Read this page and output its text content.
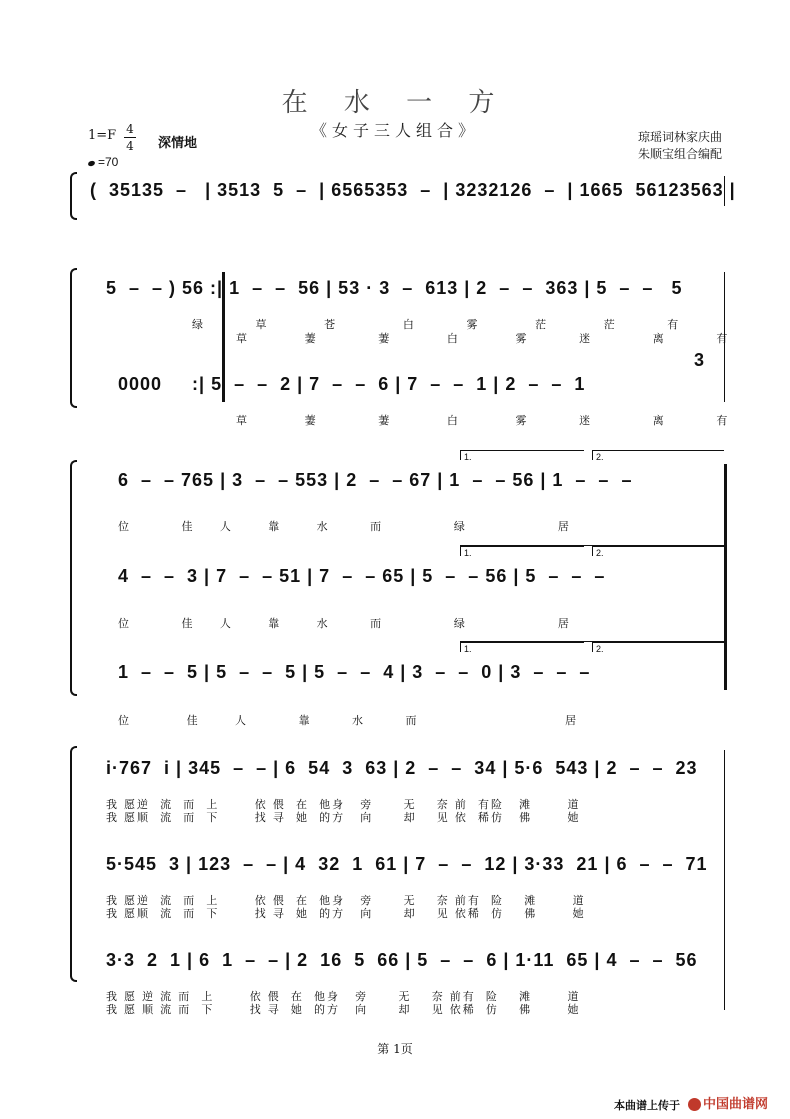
在 水 一 方
《女子三人组合》
1=F 4
4 深情地
=70
琼瑶词林家庆曲
朱顺宝组合编配
(  35135  –   | 3513  5  –  | 6565353  –  | 3232126  –  | 1665  56123563 |
5  –  – ) 56 :| 1  –  –  56 | 53 · 3  –  613 | 2  –  –  363 | 5  –  –   5
绿          草           苍             白          雾           茫           茫          有
草           萋            萋           白           雾          迷            离          有
3
0000     :| 5  –  –  2 | 7  –  –  6 | 7  –  –  1 | 2  –  –  1
草           萋            萋           白           雾          迷            离          有
1.	2.
6  –  – 765 | 3  –  – 553 | 2  –  – 67 | 1  –  – 56 | 1  –  –  –
位          佳     人       靠       水        而              绿                  居
1.	2.
4  –  –  3 | 7  –  – 51 | 7  –  – 65 | 5  –  – 56 | 5  –  –  –
位          佳     人       靠       水        而              绿                  居
1.	2.
1  –  –  5 | 5  –  –  5 | 5  –  –  4 | 3  –  –  0 | 3  –  –  –
位           佳       人          靠        水        而                             居
i·767  i | 345  –  – | 6  54  3  63 | 2  –  –  34 | 5·6  543 | 2  –  –  23
我 愿逆  流  而  上       依 偎  在  他身   旁      无    奈 前  有险   滩       道
我 愿顺  流  而  下       找 寻  她  的方   向      却    见 依  稀仿   佛       她
5·545  3 | 123  –  – | 4  32  1  61 | 7  –  –  12 | 3·33  21 | 6  –  –  71
我 愿逆  流  而  上       依 偎  在  他身   旁      无    奈 前有  险    滩       道
我 愿顺  流  而  下       找 寻  她  的方   向      却    见 依稀  仿    佛       她
3·3  2  1 | 6  1  –  – | 2  16  5  66 | 5  –  –  6 | 1·11  65 | 4  –  –  56
我 愿 逆 流 而  上       依 偎  在  他身   旁      无    奈 前有  险    滩       道
我 愿 顺 流 而  下       找 寻  她  的方   向      却    见 依稀  仿    佛       她
第 1页
本曲谱上传于	中国曲谱网
